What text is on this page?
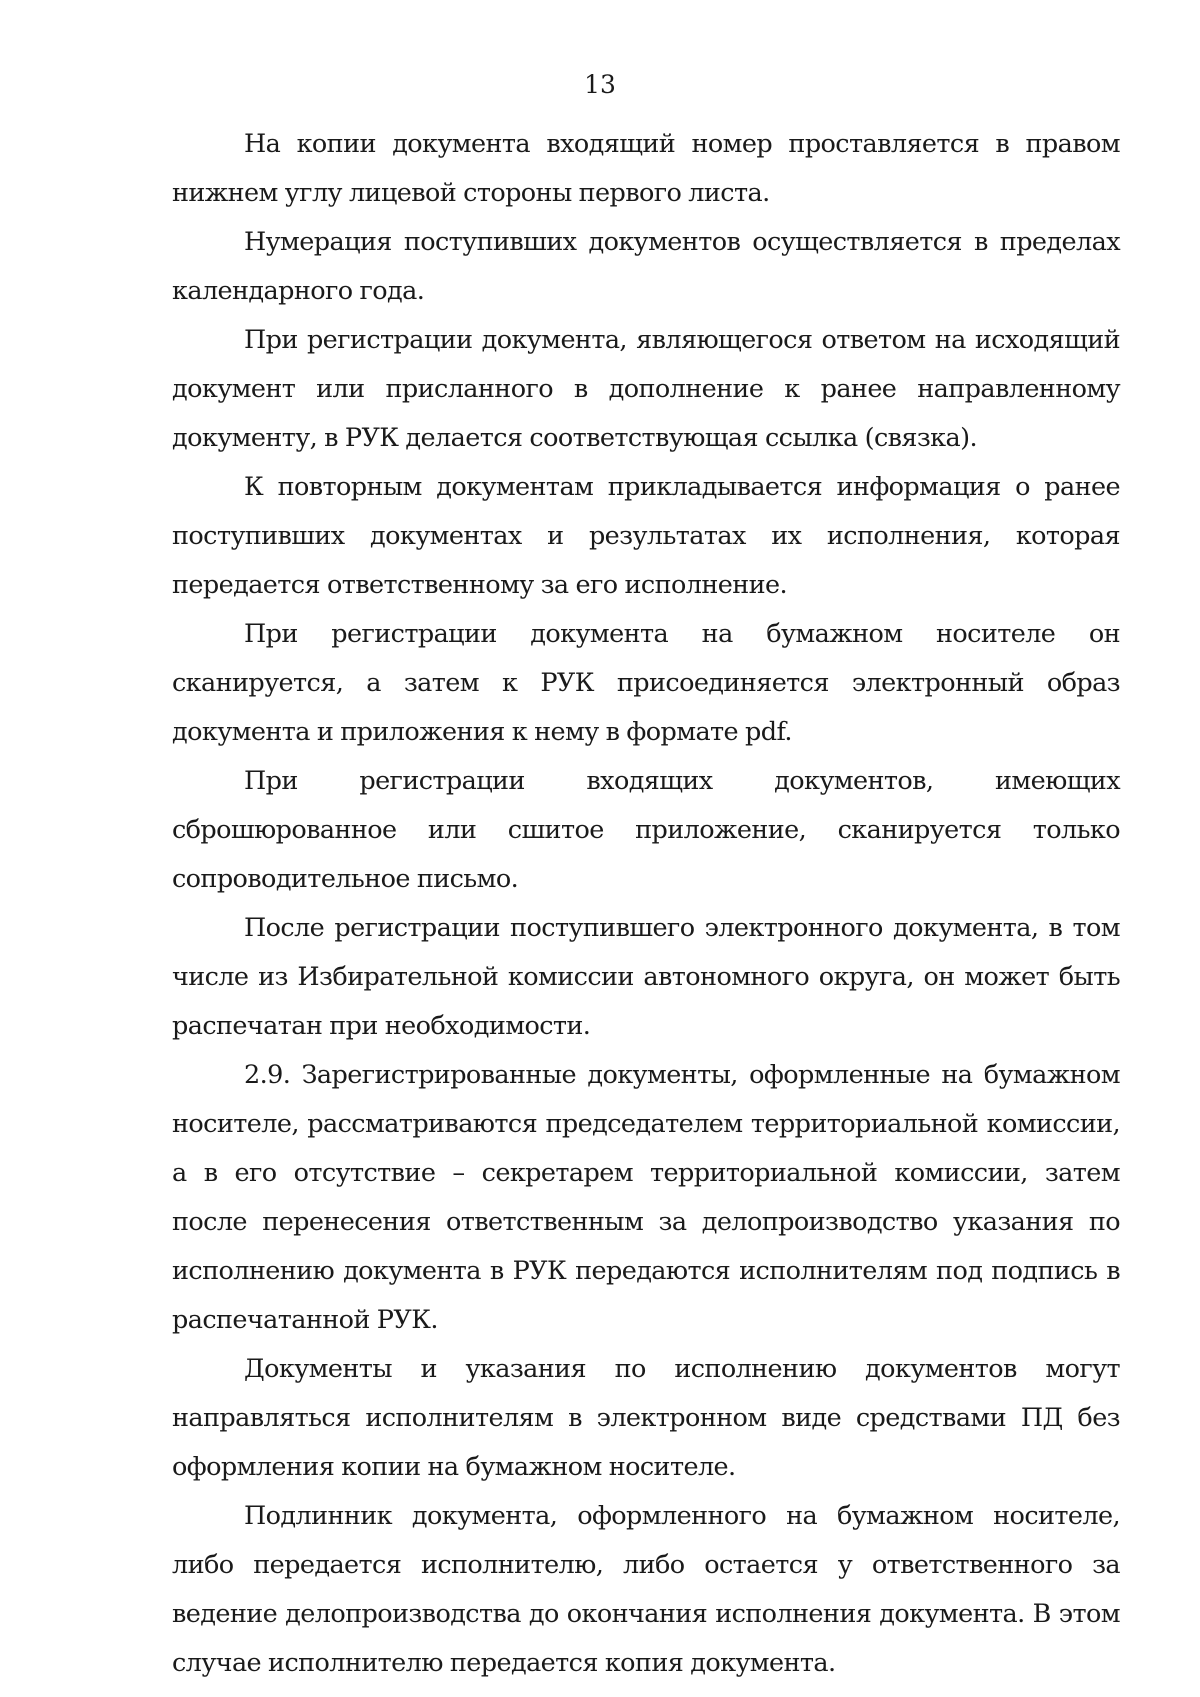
13

На копии документа входящий номер проставляется в правом нижнем углу лицевой стороны первого листа.

Нумерация поступивших документов осуществляется в пределах календарного года.

При регистрации документа, являющегося ответом на исходящий документ или присланного в дополнение к ранее направленному документу, в РУК делается соответствующая ссылка (связка).

К повторным документам прикладывается информация о ранее поступивших документах и результатах их исполнения, которая передается ответственному за его исполнение.

При регистрации документа на бумажном носителе он сканируется, а затем к РУК присоединяется электронный образ документа и приложения к нему в формате pdf.

При регистрации входящих документов, имеющих сброшюрованное или сшитое приложение, сканируется только сопроводительное письмо.

После регистрации поступившего электронного документа, в том числе из Избирательной комиссии автономного округа, он может быть распечатан при необходимости.

2.9. Зарегистрированные документы, оформленные на бумажном носителе, рассматриваются председателем территориальной комиссии, а в его отсутствие – секретарем территориальной комиссии, затем после перенесения ответственным за делопроизводство указания по исполнению документа в РУК передаются исполнителям под подпись в распечатанной РУК.

Документы и указания по исполнению документов могут направляться исполнителям в электронном виде средствами ПД без оформления копии на бумажном носителе.

Подлинник документа, оформленного на бумажном носителе, либо передается исполнителю, либо остается у ответственного за ведение делопроизводства до окончания исполнения документа. В этом случае исполнителю передается копия документа.
